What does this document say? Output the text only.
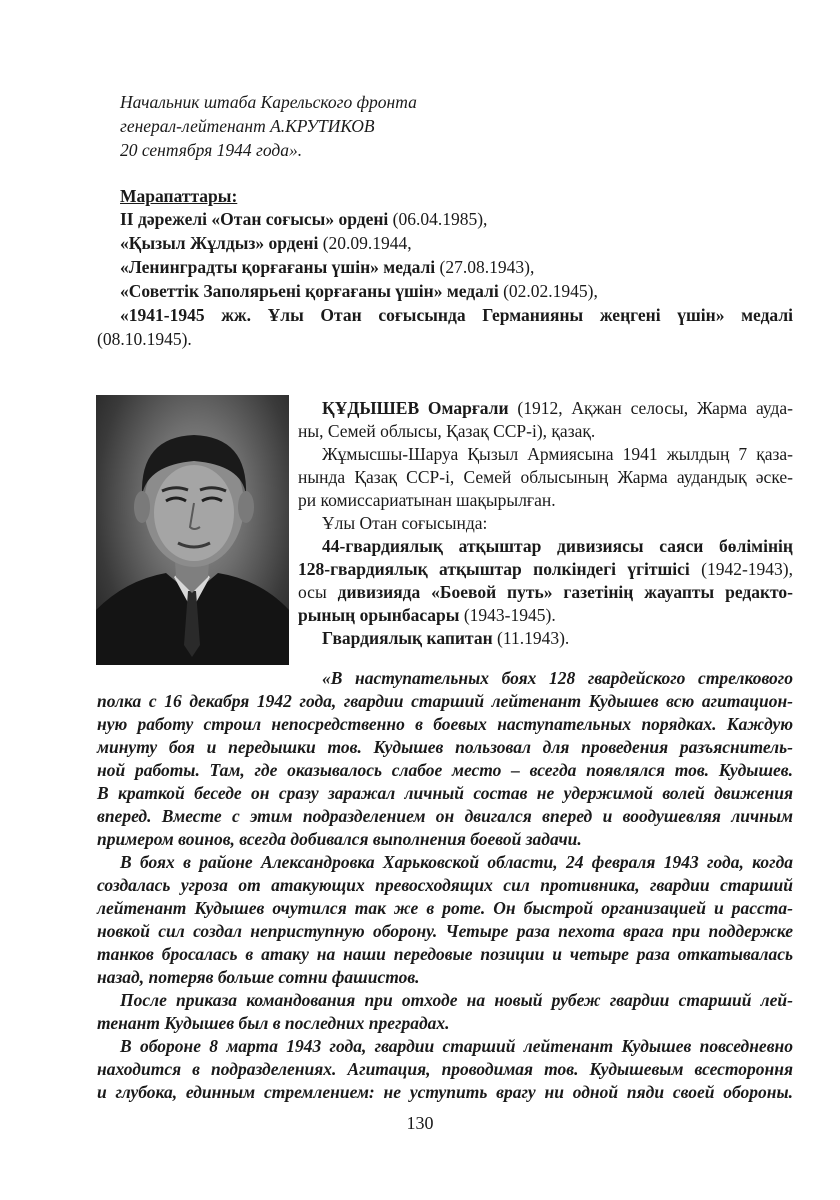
Начальник штаба Карельского фронта
генерал-лейтенант А.КРУТИКОВ
20 сентября 1944 года».
Марапаттары:
ІІ дәрежелі «Отан соғысы» ордені (06.04.1985),
«Қызыл Жұлдыз» ордені (20.09.1944,
«Ленинградты қорғағаны үшін» медалі (27.08.1943),
«Советтік Заполярьені қорғағаны үшін» медалі (02.02.1945),
«1941-1945 жж. Ұлы Отан соғысында Германияны жеңгені үшін» медалі
(08.10.1945).
ҚҰДЫШЕВ Омарғали (1912, Ақжан селосы, Жарма ауда-
ны, Семей облысы, Қазақ ССР-і), қазақ.
Жұмысшы-Шаруа Қызыл Армиясына 1941 жылдың 7 қаза-
нында Қазақ ССР-і, Семей облысының Жарма аудандық әске-
ри комиссариатынан шақырылған.
Ұлы Отан соғысында:
44-гвардиялық атқыштар дивизиясы саяси бөлімінің
128-гвардиялық атқыштар полкіндегі үгітшісі (1942-1943),
осы дивизияда «Боевой путь» газетінің жауапты редакто-
рының орынбасары (1943-1945).
Гвардиялық капитан (11.1943).
«В наступательных боях 128 гвардейского стрелкового
полка с 16 декабря 1942 года, гвардии старший лейтенант Кудышев всю агитацион-
ную работу строил непосредственно в боевых наступательных порядках. Каждую
минуту боя и передышки тов. Кудышев пользовал для проведения разъяснитель-
ной работы. Там, где оказывалось слабое место – всегда появлялся тов. Кудышев.
В краткой беседе он сразу заражал личный состав не удержимой волей движения
вперед. Вместе с этим подразделением он двигался вперед и воодушевляя личным
примером воинов, всегда добивался выполнения боевой задачи.
В боях в районе Александровка Харьковской области, 24 февраля 1943 года, когда
создалась угроза от атакующих превосходящих сил противника, гвардии старший
лейтенант Кудышев очутился так же в роте. Он быстрой организацией и расста-
новкой сил создал неприступную оборону. Четыре раза пехота врага при поддержке
танков бросалась в атаку на наши передовые позиции и четыре раза откатывалась
назад, потеряв больше сотни фашистов.
После приказа командования при отходе на новый рубеж гвардии старший лей-
тенант Кудышев был в последних преградах.
В обороне 8 марта 1943 года, гвардии старший лейтенант Кудышев повседневно
находится в подразделениях. Агитация, проводимая тов. Кудышевым всестороння
и глубока, единным стремлением: не уступить врагу ни одной пяди своей обороны.
130
